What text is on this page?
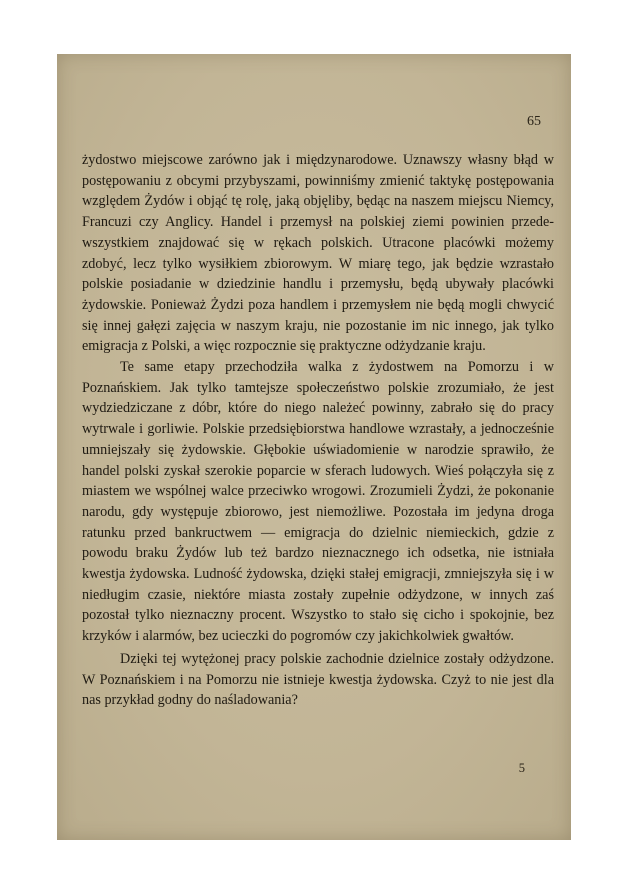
65

żydostwo miejscowe zarówno jak i międzynarodowe. Uznawszy własny błąd w postępowaniu z obcymi przybyszami, powinniśmy zmienić taktykę postępowania względem Żydów i objąć tę rolę, jaką objęliby, będąc na naszem miejscu Niemcy, Francuzi czy Anglicy. Handel i przemysł na polskiej ziemi powinien przede-wszystkiem znajdować się w rękach polskich. Utracone placówki możemy zdobyć, lecz tylko wysiłkiem zbiorowym. W miarę tego, jak będzie wzrastało polskie posiadanie w dziedzinie handlu i przemysłu, będą ubywały placówki żydowskie. Ponieważ Żydzi poza handlem i przemysłem nie będą mogli chwycić się innej gałęzi zajęcia w naszym kraju, nie pozostanie im nic innego, jak tylko emigracja z Polski, a więc rozpocznie się praktyczne odżydzanie kraju.

Te same etapy przechodziła walka z żydostwem na Pomorzu i w Poznańskiem. Jak tylko tamtejsze społeczeństwo polskie zrozumiało, że jest wydziedziczane z dóbr, które do niego należeć powinny, zabrało się do pracy wytrwale i gorliwie. Polskie przedsiębiorstwa handlowe wzrastały, a jednocześnie umniejszały się żydowskie. Głębokie uświadomienie w narodzie sprawiło, że handel polski zyskał szerokie poparcie w sferach ludowych. Wieś połączyła się z miastem we wspólnej walce przeciwko wrogowi. Zrozumieli Żydzi, że pokonanie narodu, gdy występuje zbiorowo, jest niemożliwe. Pozostała im jedyna droga ratunku przed bankructwem — emigracja do dzielnic niemieckich, gdzie z powodu braku Żydów lub też bardzo nieznacznego ich odsetka, nie istniała kwestja żydowska. Ludność żydowska, dzięki stałej emigracji, zmniejszyła się i w niedługim czasie, niektóre miasta zostały zupełnie odżydzone, w innych zaś pozostał tylko nieznaczny procent. Wszystko to stało się cicho i spokojnie, bez krzyków i alarmów, bez ucieczki do pogromów czy jakichkolwiek gwałtów.

Dzięki tej wytężonej pracy polskie zachodnie dzielnice zostały odżydzone. W Poznańskiem i na Pomorzu nie istnieje kwestja żydowska. Czyż to nie jest dla nas przykład godny do naśladowania?

5
